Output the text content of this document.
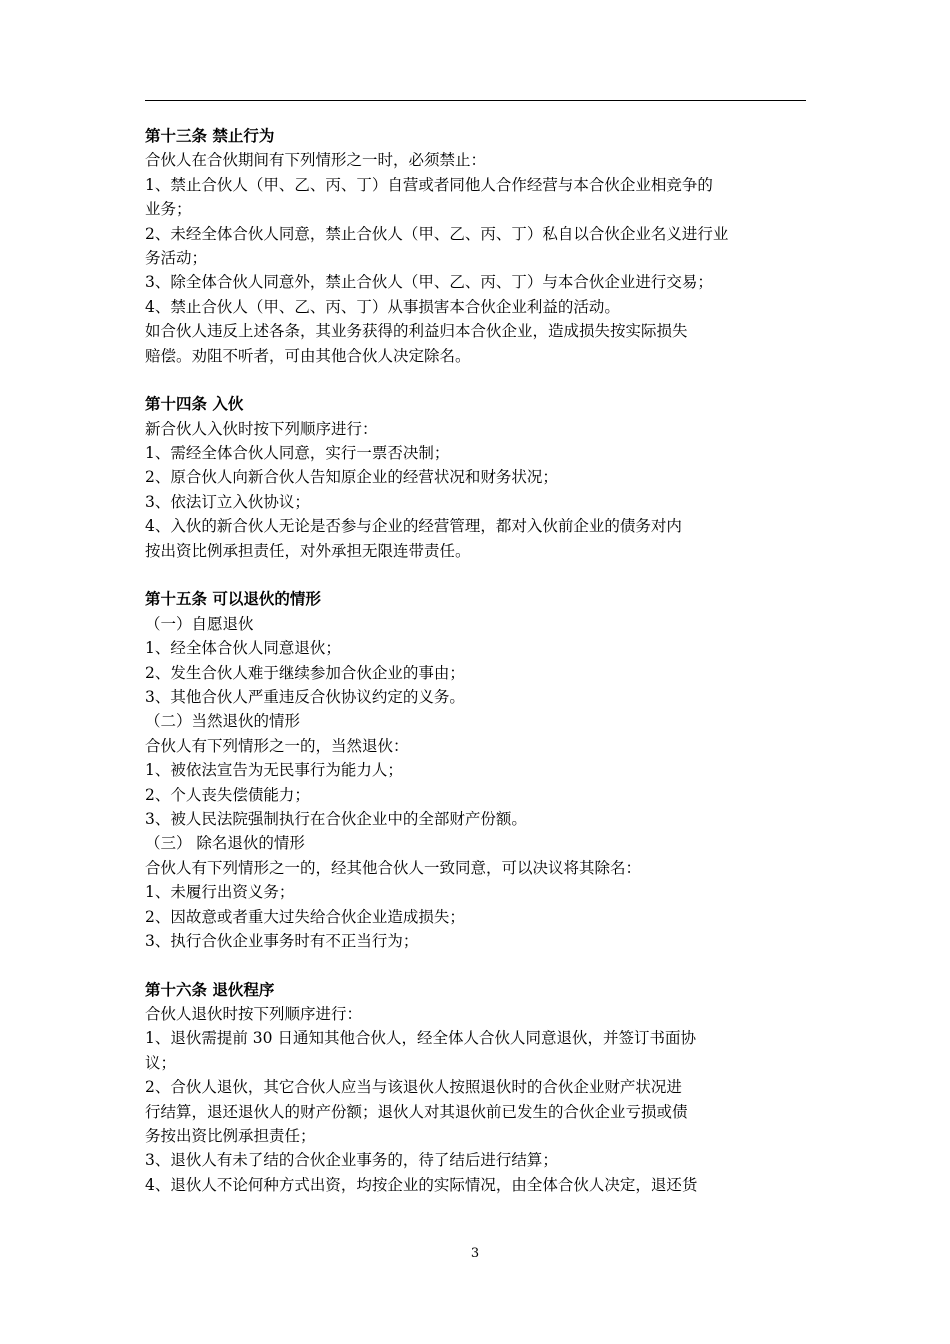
第十三条 禁止行为
合伙人在合伙期间有下列情形之一时，必须禁止：
1、禁止合伙人（甲、乙、丙、丁）自营或者同他人合作经营与本合伙企业相竞争的
业务；
2、未经全体合伙人同意，禁止合伙人（甲、乙、丙、丁）私自以合伙企业名义进行业
务活动；
3、除全体合伙人同意外，禁止合伙人（甲、乙、丙、丁）与本合伙企业进行交易；
4、禁止合伙人（甲、乙、丙、丁）从事损害本合伙企业利益的活动。
如合伙人违反上述各条，其业务获得的利益归本合伙企业，造成损失按实际损失
赔偿。劝阻不听者，可由其他合伙人决定除名。
第十四条 入伙
新合伙人入伙时按下列顺序进行：
1、需经全体合伙人同意，实行一票否决制；
2、原合伙人向新合伙人告知原企业的经营状况和财务状况；
3、依法订立入伙协议；
4、入伙的新合伙人无论是否参与企业的经营管理，都对入伙前企业的债务对内
按出资比例承担责任，对外承担无限连带责任。
第十五条 可以退伙的情形
（一）自愿退伙
1、经全体合伙人同意退伙；
2、发生合伙人难于继续参加合伙企业的事由；
3、其他合伙人严重违反合伙协议约定的义务。
（二）当然退伙的情形
合伙人有下列情形之一的，当然退伙：
1、被依法宣告为无民事行为能力人；
2、个人丧失偿债能力；
3、被人民法院强制执行在合伙企业中的全部财产份额。
（三） 除名退伙的情形
合伙人有下列情形之一的，经其他合伙人一致同意，可以决议将其除名：
1、未履行出资义务；
2、因故意或者重大过失给合伙企业造成损失；
3、执行合伙企业事务时有不正当行为；
第十六条 退伙程序
合伙人退伙时按下列顺序进行：
1、退伙需提前 30 日通知其他合伙人，经全体人合伙人同意退伙，并签订书面协
议；
2、合伙人退伙，其它合伙人应当与该退伙人按照退伙时的合伙企业财产状况进
行结算，退还退伙人的财产份额；退伙人对其退伙前已发生的合伙企业亏损或债
务按出资比例承担责任；
3、退伙人有未了结的合伙企业事务的，待了结后进行结算；
4、退伙人不论何种方式出资，均按企业的实际情况，由全体合伙人决定，退还货
3
